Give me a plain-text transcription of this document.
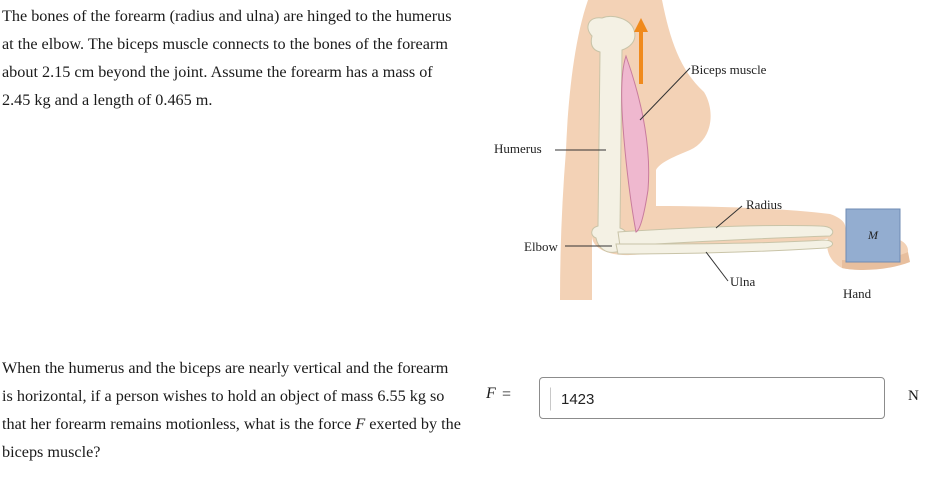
The bones of the forearm (radius and ulna) are hinged to the humerus at the elbow. The biceps muscle connects to the bones of the forearm about 2.15 cm beyond the joint. Assume the forearm has a mass of 2.45 kg and a length of 0.465 m.

When the humerus and the biceps are nearly vertical and the forearm is horizontal, if a person wishes to hold an object of mass 6.55 kg so that her forearm remains motionless, what is the force F exerted by the biceps muscle?

Biceps muscle
Humerus
Radius
Elbow
Ulna
Hand
M
F =
1423	N
